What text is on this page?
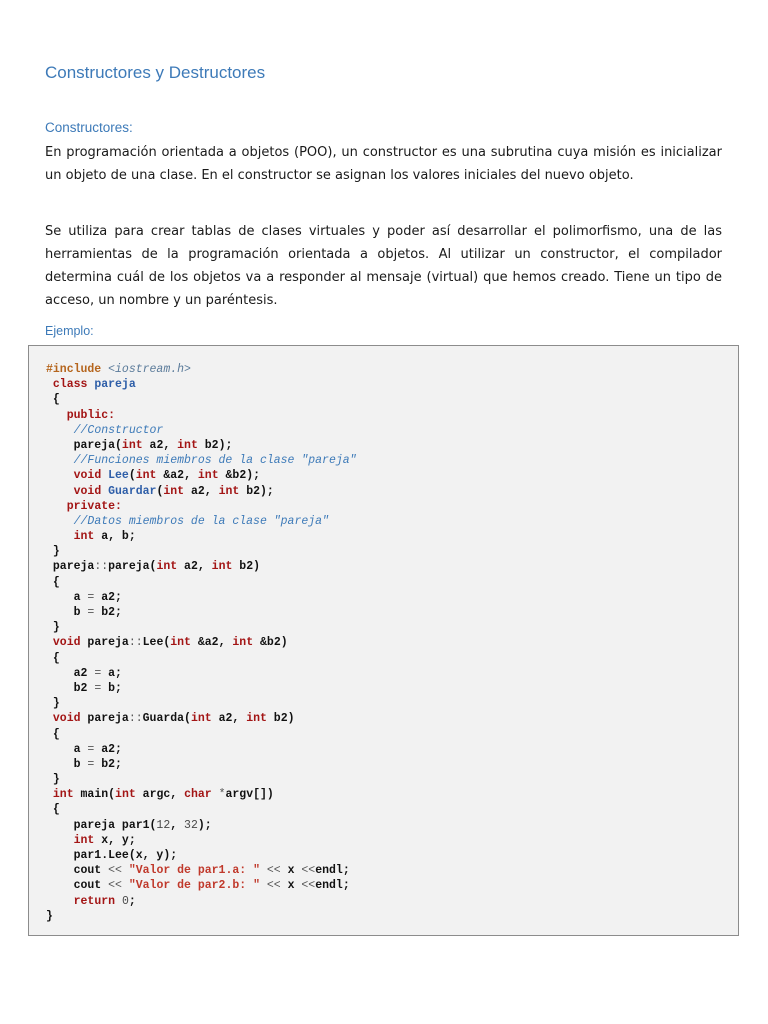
Constructores y Destructores
Constructores:

En programación orientada a objetos (POO), un constructor es una subrutina cuya misión es inicializar un objeto de una clase. En el constructor se asignan los valores iniciales del nuevo objeto.

Se utiliza para crear tablas de clases virtuales y poder así desarrollar el polimorfismo, una de las herramientas de la programación orientada a objetos. Al utilizar un constructor, el compilador determina cuál de los objetos va a responder al mensaje (virtual) que hemos creado. Tiene un tipo de acceso, un nombre y un paréntesis.

Ejemplo:
#include <iostream.h>
class pareja
{
public:
//Constructor
pareja(int a2, int b2);
//Funciones miembros de la clase "pareja"
void Lee(int &a2, int &b2);
void Guardar(int a2, int b2);
private:
//Datos miembros de la clase "pareja"
int a, b;
}
pareja::pareja(int a2, int b2)
{
a = a2;
b = b2;
}
void pareja::Lee(int &a2, int &b2)
{
a2 = a;
b2 = b;
}
void pareja::Guarda(int a2, int b2)
{
a = a2;
b = b2;
}
int main(int argc, char *argv[])
{
pareja par1(12, 32);
int x, y;
par1.Lee(x, y);
cout << "Valor de par1.a: " << x <<endl;
cout << "Valor de par2.b: " << x <<endl;
return 0;
}
